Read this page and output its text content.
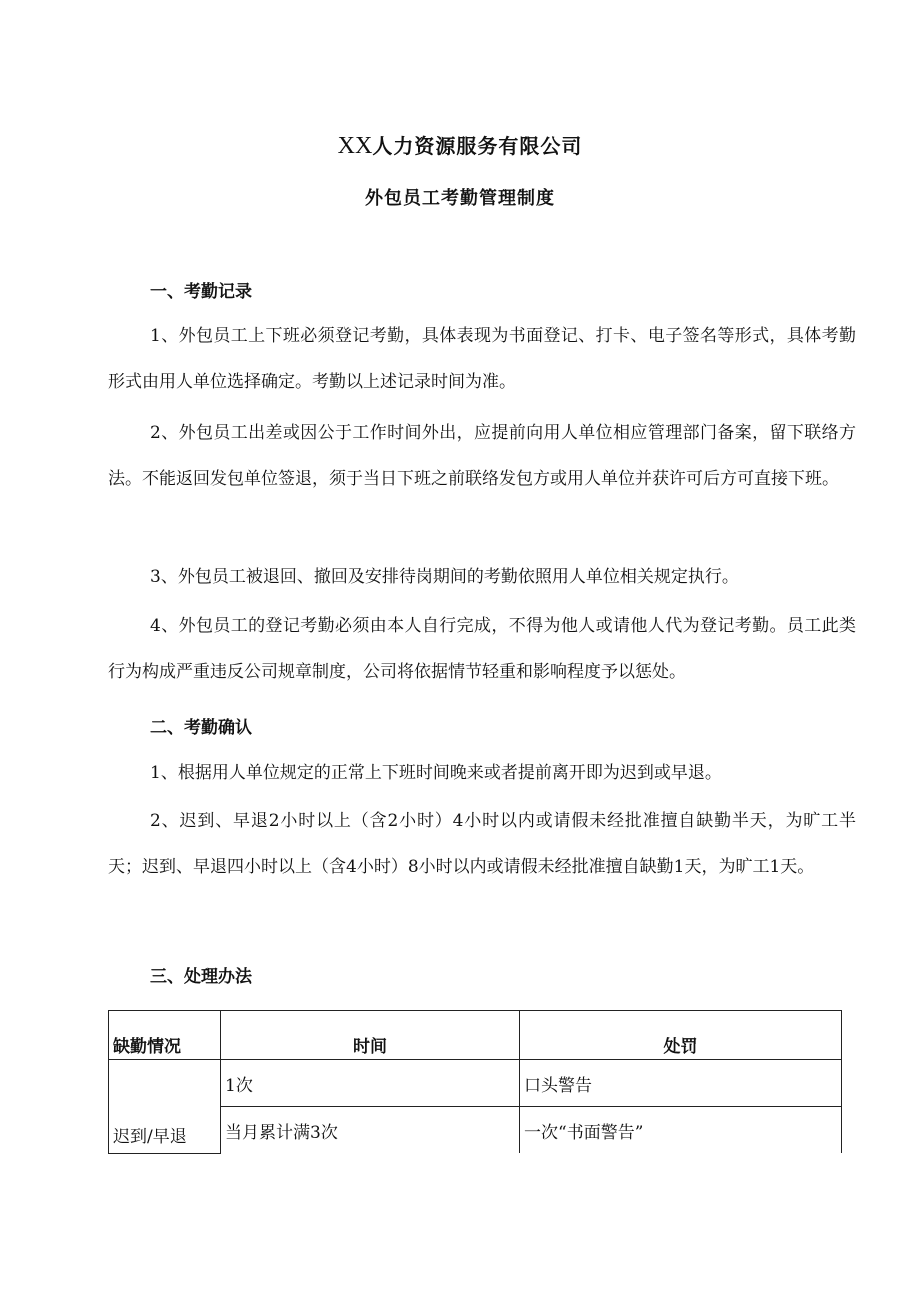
XX人力资源服务有限公司
外包员工考勤管理制度
一、考勤记录
1、外包员工上下班必须登记考勤，具体表现为书面登记、打卡、电子签名等形式，具体考勤形式由用人单位选择确定。考勤以上述记录时间为准。
2、外包员工出差或因公于工作时间外出，应提前向用人单位相应管理部门备案，留下联络方法。不能返回发包单位签退，须于当日下班之前联络发包方或用人单位并获许可后方可直接下班。
3、外包员工被退回、撤回及安排待岗期间的考勤依照用人单位相关规定执行。
4、外包员工的登记考勤必须由本人自行完成，不得为他人或请他人代为登记考勤。员工此类行为构成严重违反公司规章制度，公司将依据情节轻重和影响程度予以惩处。
二、考勤确认
1、根据用人单位规定的正常上下班时间晚来或者提前离开即为迟到或早退。
2、迟到、早退2小时以上（含2小时）4小时以内或请假未经批准擅自缺勤半天，为旷工半天；迟到、早退四小时以上（含4小时）8小时以内或请假未经批准擅自缺勤1天，为旷工1天。
三、处理办法
缺勤情况	时间	处罚
迟到/早退	1次	口头警告
	当月累计满3次	一次“书面警告”
